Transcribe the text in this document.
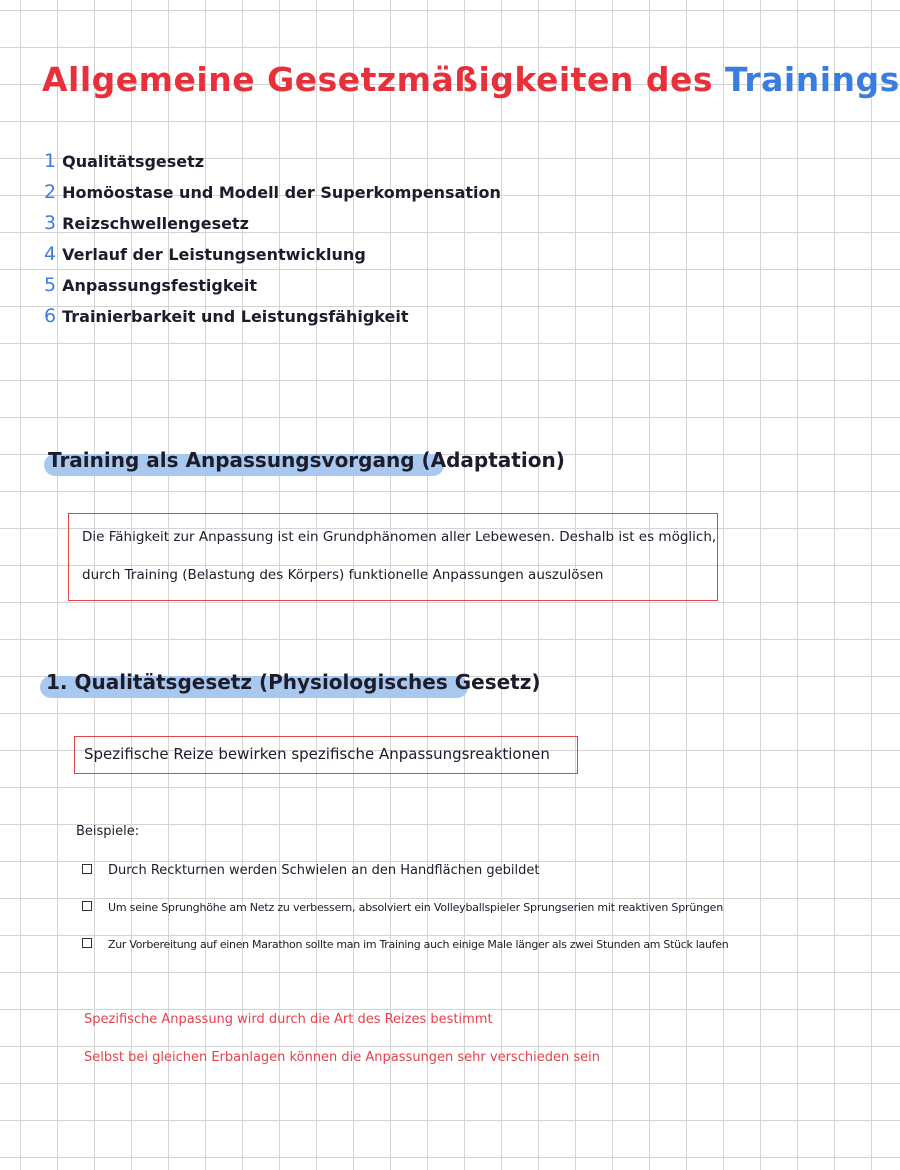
Allgemeine Gesetzmäßigkeiten des Trainings
1 Qualitätsgesetz
2 Homöostase und Modell der Superkompensation
3 Reizschwellengesetz
4 Verlauf der Leistungsentwicklung
5 Anpassungsfestigkeit
6 Trainierbarkeit und Leistungsfähigkeit
Training als Anpassungsvorgang (Adaptation)
Die Fähigkeit zur Anpassung ist ein Grundphänomen aller Lebewesen. Deshalb ist es möglich,
durch Training (Belastung des Körpers) funktionelle Anpassungen auszulösen
1. Qualitätsgesetz (Physiologisches Gesetz)
Spezifische Reize bewirken spezifische Anpassungsreaktionen
Beispiele:
Durch Reckturnen werden Schwielen an den Handflächen gebildet
Um seine Sprunghöhe am Netz zu verbessern, absolviert ein Volleyballspieler Sprungserien mit reaktiven Sprüngen
Zur Vorbereitung auf einen Marathon sollte man im Training auch einige Male länger als zwei Stunden am Stück laufen
Spezifische Anpassung wird durch die Art des Reizes bestimmt
Selbst bei gleichen Erbanlagen können die Anpassungen sehr verschieden sein
